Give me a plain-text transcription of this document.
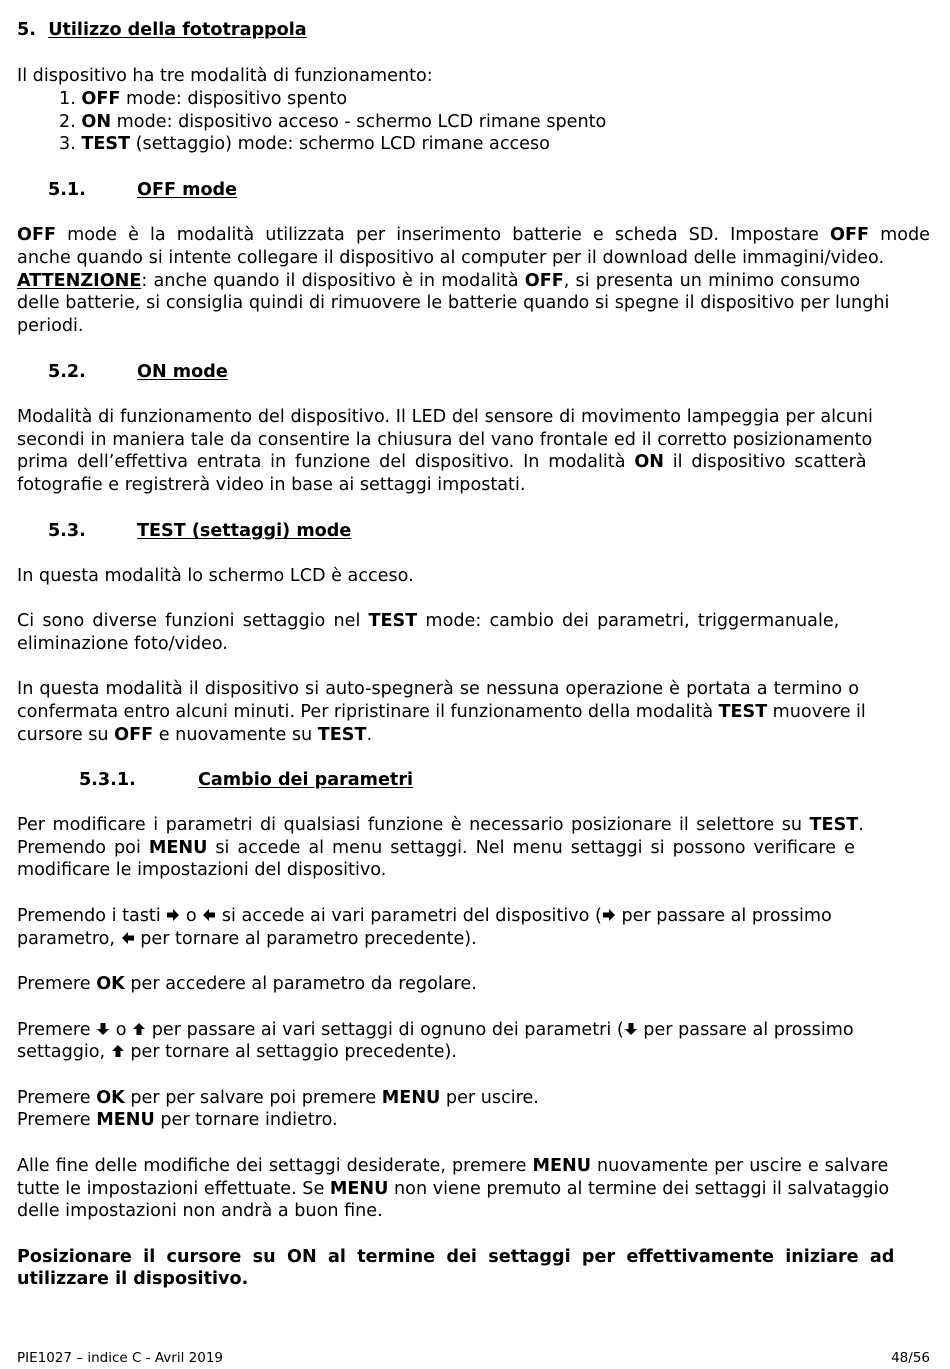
5. Utilizzo della fototrappola
Il dispositivo ha tre modalità di funzionamento:
1. OFF mode: dispositivo spento
2. ON mode: dispositivo acceso - schermo LCD rimane spento
3. TEST (settaggio) mode: schermo LCD rimane acceso
5.1.	OFF mode
OFF mode è la modalità utilizzata per inserimento batterie e scheda SD. Impostare OFF mode
anche quando si intente collegare il dispositivo al computer per il download delle immagini/video.
ATTENZIONE: anche quando il dispositivo è in modalità OFF, si presenta un minimo consumo
delle batterie, si consiglia quindi di rimuovere le batterie quando si spegne il dispositivo per lunghi
periodi.
5.2.	ON mode
Modalità di funzionamento del dispositivo. Il LED del sensore di movimento lampeggia per alcuni
secondi in maniera tale da consentire la chiusura del vano frontale ed il corretto posizionamento
prima dell’effettiva entrata in funzione del dispositivo. In modalità ON il dispositivo scatterà
fotografie e registrerà video in base ai settaggi impostati.
5.3.	TEST (settaggi) mode
In questa modalità lo schermo LCD è acceso.
Ci sono diverse funzioni settaggio nel TEST mode: cambio dei parametri, triggermanuale,
eliminazione foto/video.
In questa modalità il dispositivo si auto-spegnerà se nessuna operazione è portata a termino o
confermata entro alcuni minuti. Per ripristinare il funzionamento della modalità TEST muovere il
cursore su OFF e nuovamente su TEST.
5.3.1.	Cambio dei parametri
Per modificare i parametri di qualsiasi funzione è necessario posizionare il selettore su TEST.
Premendo poi MENU si accede al menu settaggi. Nel menu settaggi si possono verificare e
modificare le impostazioni del dispositivo.
Premendo i tasti  o  si accede ai vari parametri del dispositivo ( per passare al prossimo
parametro,  per tornare al parametro precedente).
Premere OK per accedere al parametro da regolare.
Premere  o  per passare ai vari settaggi di ognuno dei parametri ( per passare al prossimo
settaggio,  per tornare al settaggio precedente).
Premere OK per per salvare poi premere MENU per uscire.
Premere MENU per tornare indietro.
Alle fine delle modifiche dei settaggi desiderate, premere MENU nuovamente per uscire e salvare
tutte le impostazioni effettuate. Se MENU non viene premuto al termine dei settaggi il salvataggio
delle impostazioni non andrà a buon fine.
Posizionare il cursore su ON al termine dei settaggi per effettivamente iniziare ad
utilizzare il dispositivo.
PIE1027 – indice C - Avril 2019	48/56
